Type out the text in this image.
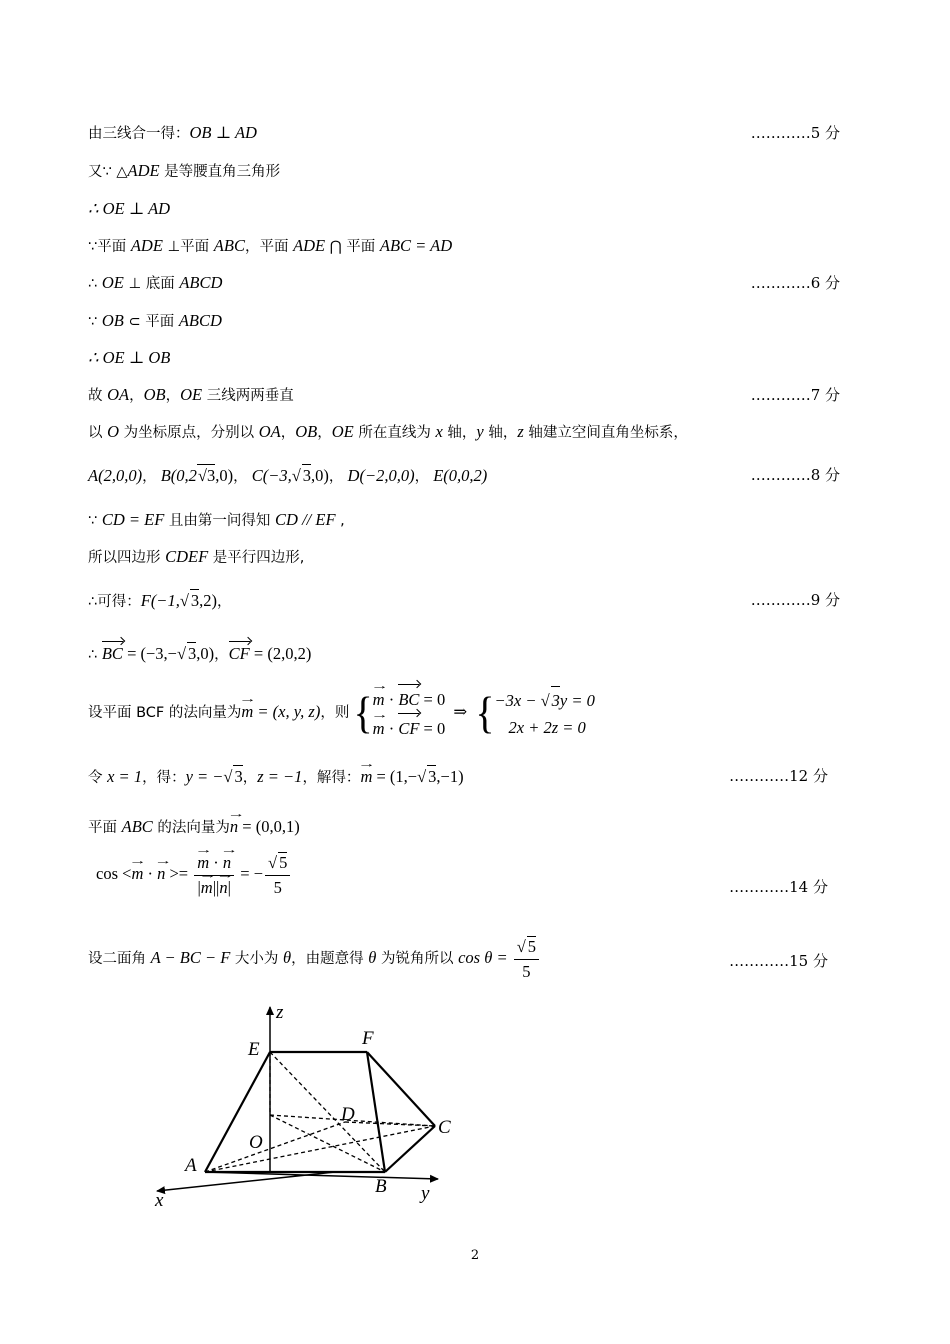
由三线合一得：OB ⊥ AD	…………5 分
又∵ △ADE 是等腰直角三角形
∴ OE ⊥ AD
∵平面 ADE ⊥平面 ABC，平面 ADE ⋂ 平面 ABC = AD
∴ OE ⊥ 底面 ABCD	…………6 分
∵ OB ⊂ 平面 ABCD
∴ OE ⊥ OB
故 OA，OB，OE 三线两两垂直	…………7 分
以 O 为坐标原点，分别以 OA，OB，OE 所在直线为 x 轴，y 轴，z 轴建立空间直角坐标系，
A(2,0,0)， B(0,2√3,0)， C(−3,√ 3,0)， D(−2,0,0)， E(0,0,2)	…………8 分
∵ CD = EF 且由第一问得知 CD // EF ,
所以四边形 CDEF 是平行四边形,
∴可得：F(−1,√ 3,2)，	…………9 分
∴ BC = (−3,−√ 3,0)，CF = (2,0,2)
设平面 BCF 的法向量为→ m = (x, y, z)，则 { → m · BC = 0
→ m · CF = 0
⇒ { −3x − √ 3y = 0
2x + 2z = 0
令 x = 1，得：y = −√ 3，z = −1，解得：→ m = (1,−√ 3,−1)	…………12 分
平面 ABC 的法向量为→ n = (0,0,1)
cos <→ m · → n >= → $\frac{m \cdot \to n}{|\to m||\to n|}$ = − $\frac{√ 5}{5}$	…………14 分
设二面角 A − BC − F 大小为 θ，由题意得 θ 为锐角所以 $\cos \theta = \frac{√ 5}{5}$	…………15 分
z
E
F
D
C
O
A
B
x	y
2
